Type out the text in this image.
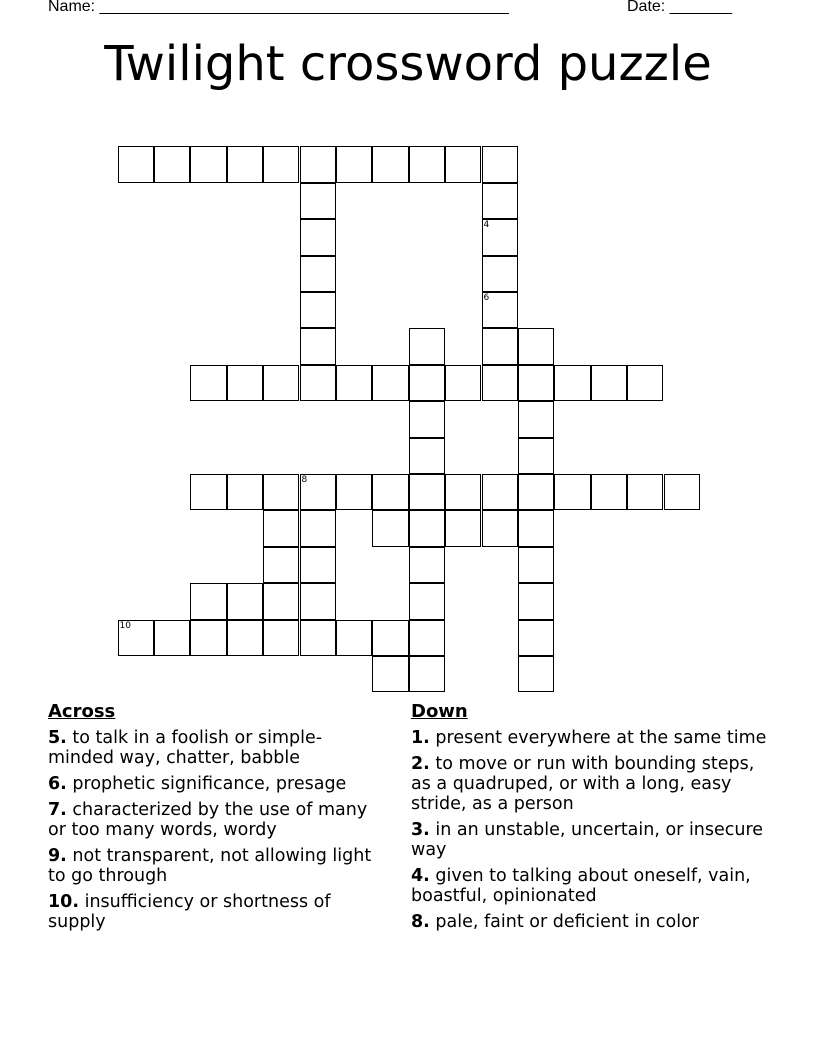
Name: ______________________________________________	Date: _______
Twilight crossword puzzle
8
4
6
10
Across
5. to talk in a foolish or simple-minded way, chatter, babble
6. prophetic significance, presage
7. characterized by the use of many or too many words, wordy
9. not transparent, not allowing light to go through
10. insufficiency or shortness of supply
Down
1. present everywhere at the same time
2. to move or run with bounding steps, as a quadruped, or with a long, easy stride, as a person
3. in an unstable, uncertain, or insecure way
4. given to talking about oneself, vain, boastful, opinionated
8. pale, faint or deficient in color
